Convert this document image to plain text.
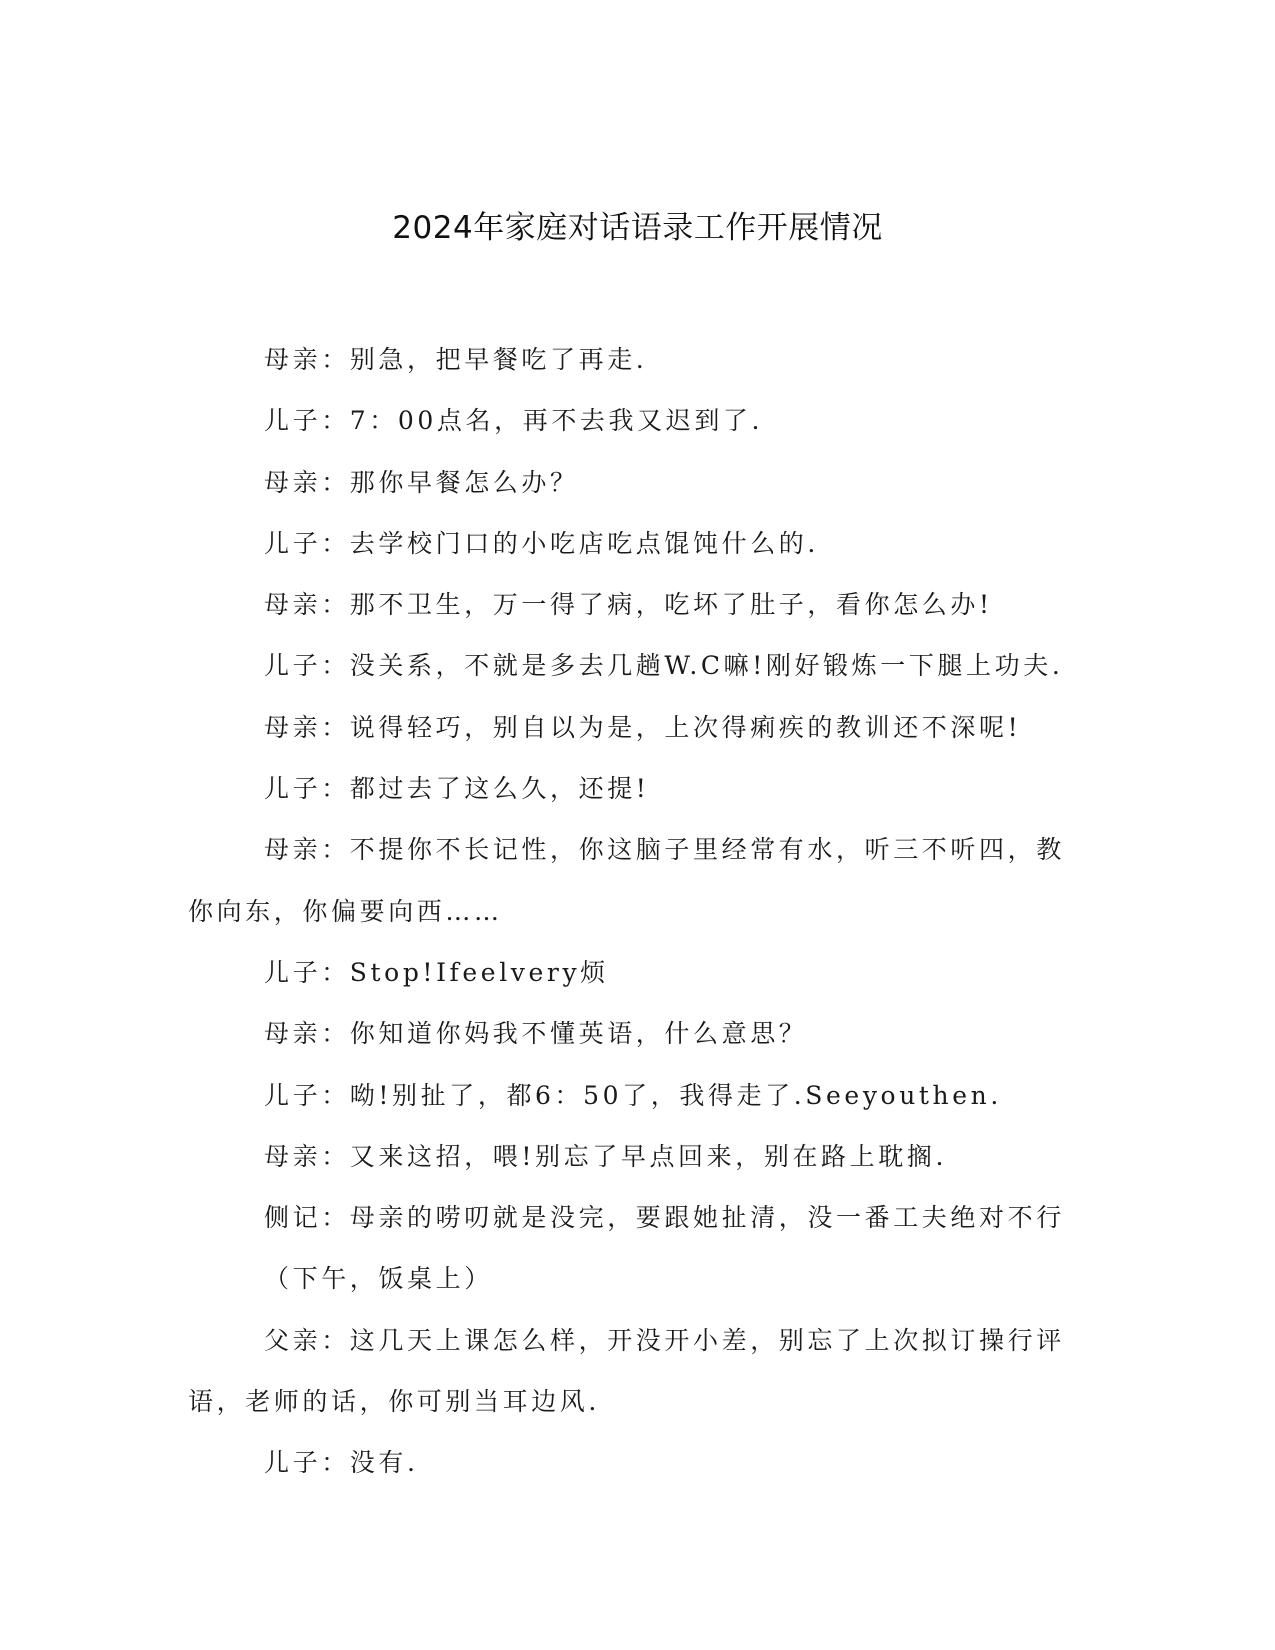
2024年家庭对话语录工作开展情况

母亲：别急，把早餐吃了再走.

儿子：7：00点名，再不去我又迟到了.

母亲：那你早餐怎么办？

儿子：去学校门口的小吃店吃点馄饨什么的.

母亲：那不卫生，万一得了病，吃坏了肚子，看你怎么办!

儿子：没关系，不就是多去几趟W.C嘛!刚好锻炼一下腿上功夫.

母亲：说得轻巧，别自以为是，上次得痢疾的教训还不深呢!

儿子：都过去了这么久，还提!

母亲：不提你不长记性，你这脑子里经常有水，听三不听四，教你向东，你偏要向西……

儿子：Stop!Ifeelvery烦

母亲：你知道你妈我不懂英语，什么意思？

儿子：呦!别扯了，都6：50了，我得走了.Seeyouthen.

母亲：又来这招，喂!别忘了早点回来，别在路上耽搁.

侧记：母亲的唠叨就是没完，要跟她扯清，没一番工夫绝对不行

（下午，饭桌上）

父亲：这几天上课怎么样，开没开小差，别忘了上次拟订操行评语，老师的话，你可别当耳边风.

儿子：没有.
